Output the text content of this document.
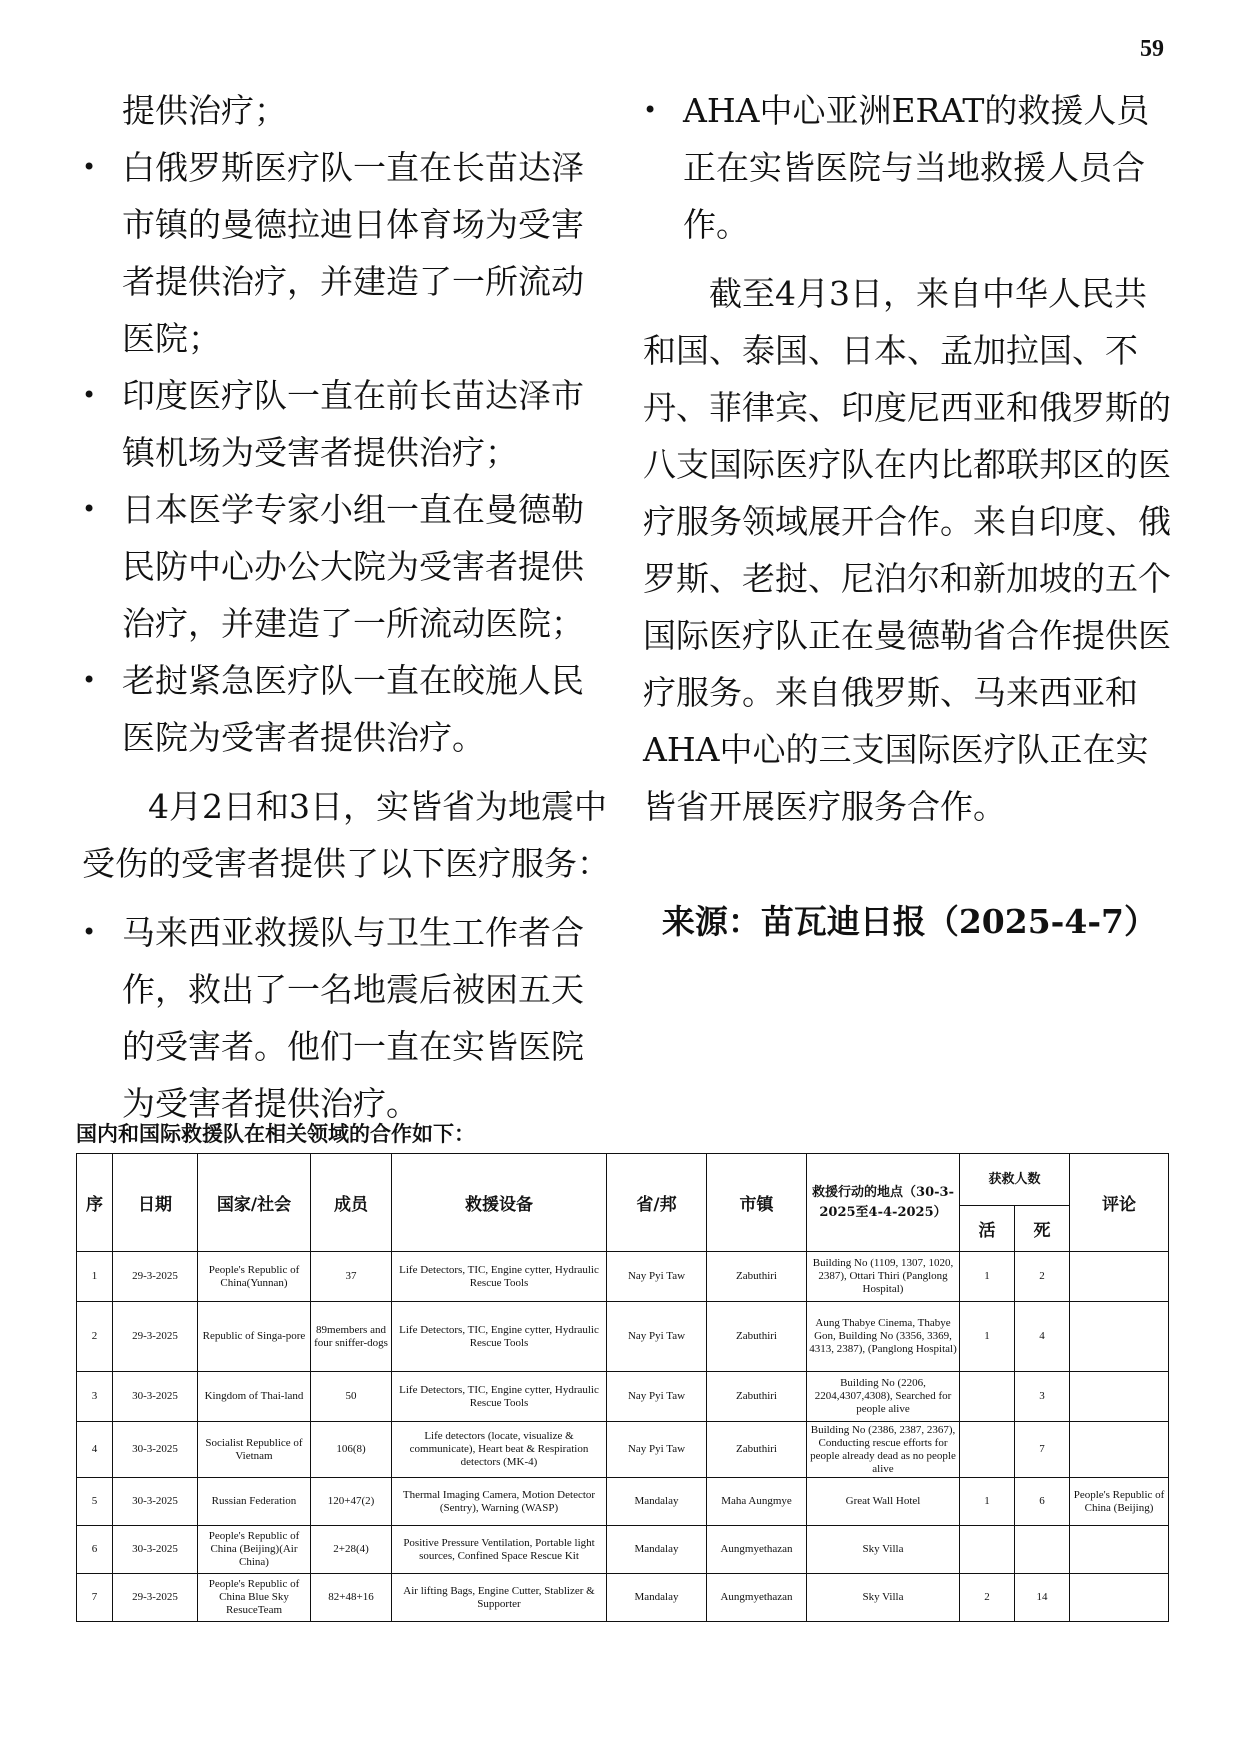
59

提供治疗；

• 白俄罗斯医疗队一直在长苗达泽市镇的曼德拉迪日体育场为受害者提供治疗，并建造了一所流动医院；
• 印度医疗队一直在前长苗达泽市镇机场为受害者提供治疗；
• 日本医学专家小组一直在曼德勒民防中心办公大院为受害者提供治疗，并建造了一所流动医院；
• 老挝紧急医疗队一直在皎施人民医院为受害者提供治疗。

4月2日和3日，实皆省为地震中受伤的受害者提供了以下医疗服务：

• 马来西亚救援队与卫生工作者合作，救出了一名地震后被困五天的受害者。他们一直在实皆医院为受害者提供治疗。
• AHA中心亚洲ERAT的救援人员正在实皆医院与当地救援人员合作。

截至4月3日，来自中华人民共和国、泰国、日本、孟加拉国、不丹、菲律宾、印度尼西亚和俄罗斯的八支国际医疗队在内比都联邦区的医疗服务领域展开合作。来自印度、俄罗斯、老挝、尼泊尔和新加坡的五个国际医疗队正在曼德勒省合作提供医疗服务。来自俄罗斯、马来西亚和AHA中心的三支国际医疗队正在实皆省开展医疗服务合作。

来源：苗瓦迪日报（2025-4-7）
国内和国际救援队在相关领域的合作如下：
序	日期	国家/社会	成员	救援设备	省/邦	市镇	救援行动的地点（30-3-2025至4-4-2025）	获救人数		评论
								活	死	
1	29-3-2025	People's Republic of China(Yunnan)	37	Life Detectors, TIC, Engine cytter, Hydraulic Rescue Tools	Nay Pyi Taw	Zabuthiri	Building No (1109, 1307, 1020, 2387), Ottari Thiri (Panglong Hospital)	1	2	
2	29-3-2025	Republic of Singa-pore	89members and four sniffer-dogs	Life Detectors, TIC, Engine cytter, Hydraulic Rescue Tools	Nay Pyi Taw	Zabuthiri	Aung Thabye Cinema, Thabye Gon, Building No (3356, 3369, 4313, 2387), (Panglong Hospital)	1	4	
3	30-3-2025	Kingdom of Thai-land	50	Life Detectors, TIC, Engine cytter, Hydraulic Rescue Tools	Nay Pyi Taw	Zabuthiri	Building No (2206, 2204,4307,4308), Searched for people alive		3	
4	30-3-2025	Socialist Republice of Vietnam	106(8)	Life detectors (locate, visualize & communicate), Heart beat & Respiration detectors (MK-4)	Nay Pyi Taw	Zabuthiri	Building No (2386, 2387, 2367), Conducting rescue efforts for people already dead as no people alive		7	
5	30-3-2025	Russian Federation	120+47(2)	Thermal Imaging Camera, Motion Detector (Sentry), Warning (WASP)	Mandalay	Maha Aungmye	Great Wall Hotel	1	6	People's Republic of China (Beijing)
6	30-3-2025	People's Republic of China (Beijing)(Air China)	2+28(4)	Positive Pressure Ventilation, Portable light sources, Confined Space Rescue Kit	Mandalay	Aungmyethazan	Sky Villa			
7	29-3-2025	People's Republic of China Blue Sky ResuceTeam	82+48+16	Air lifting Bags, Engine Cutter, Stablizer & Supporter	Mandalay	Aungmyethazan	Sky Villa	2	14	
